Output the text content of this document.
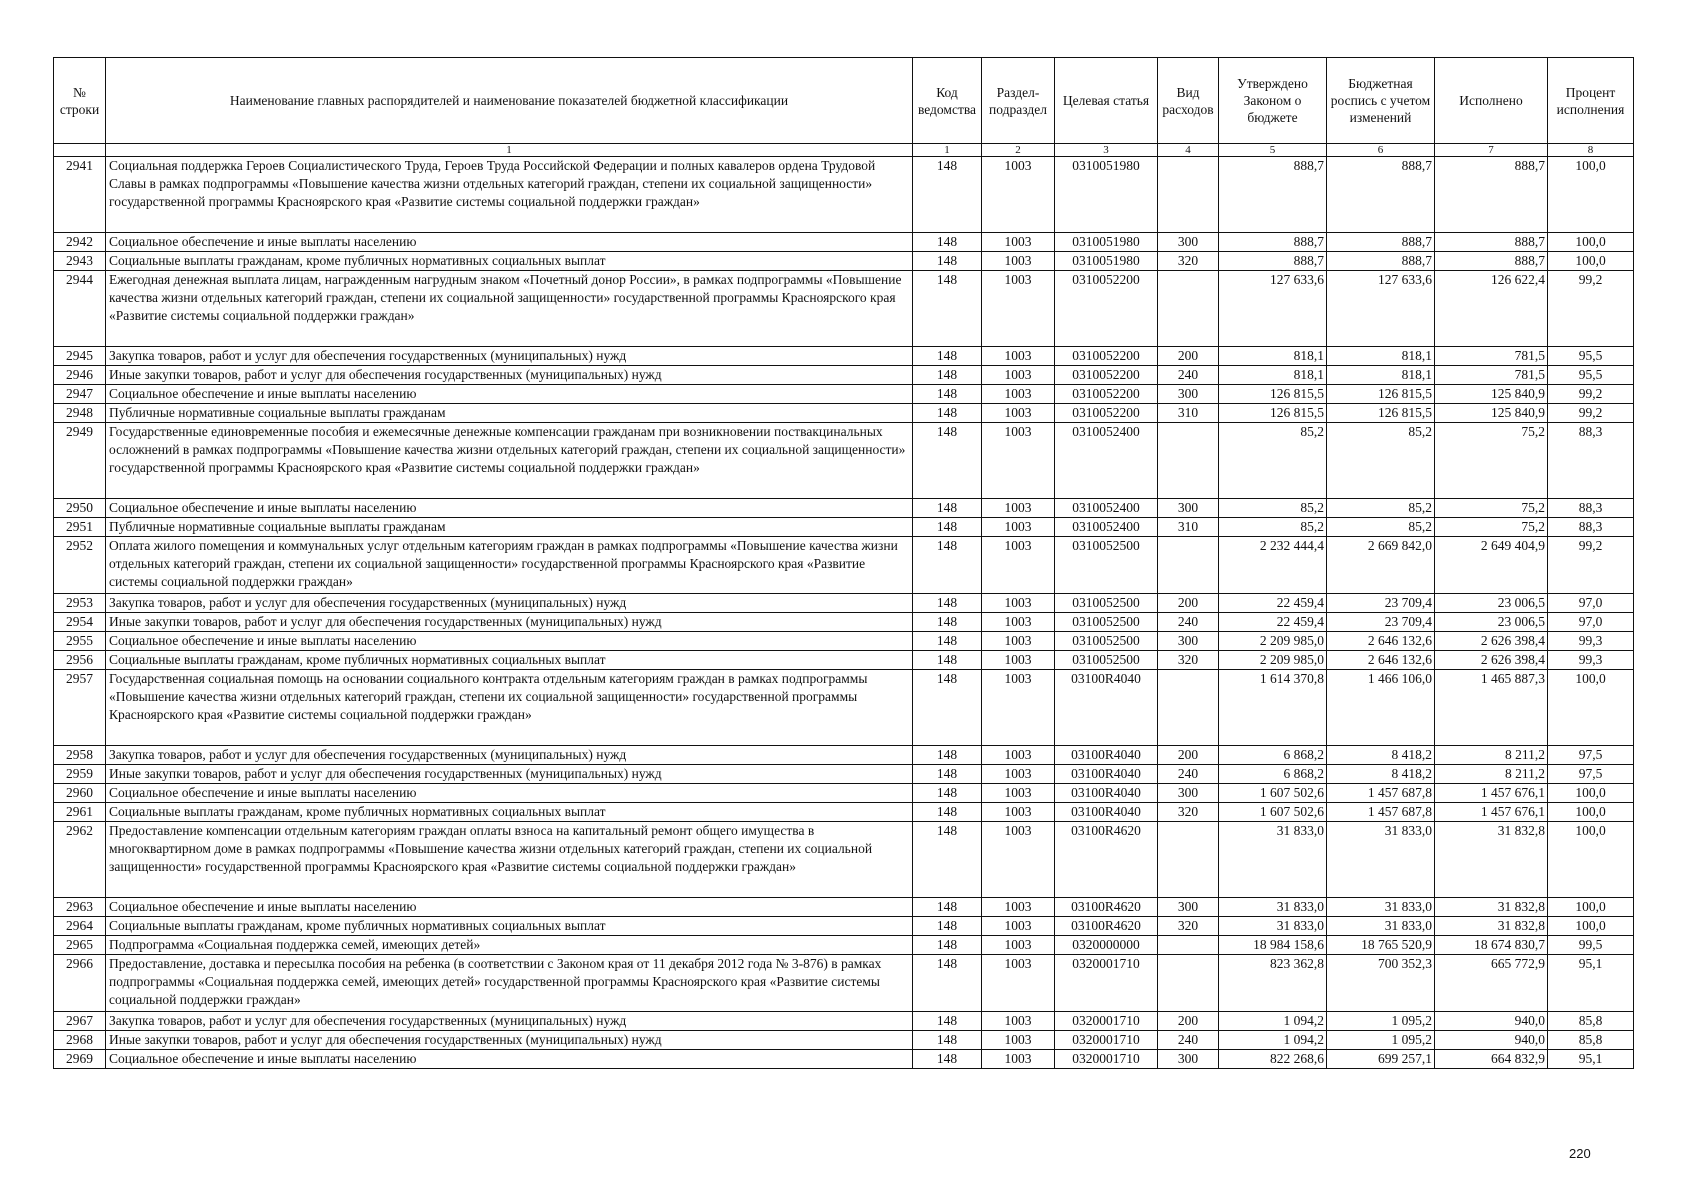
№ строки	Наименование главных распорядителей и наименование показателей бюджетной классификации	Код ведомства	Раздел-подраздел	Целевая статья	Вид расходов	Утверждено Законом о бюджете	Бюджетная роспись с учетом изменений	Исполнено	Процент исполнения
	1	1	2	3	4	5	6	7	8
2941	Социальная поддержка Героев Социалистического Труда, Героев Труда Российской Федерации и полных кавалеров ордена Трудовой Славы в рамках подпрограммы «Повышение качества жизни отдельных категорий граждан, степени их социальной защищенности» государственной программы Красноярского края «Развитие системы социальной поддержки граждан»	148	1003	0310051980		888,7	888,7	888,7	100,0
2942	Социальное обеспечение и иные выплаты населению	148	1003	0310051980	300	888,7	888,7	888,7	100,0
2943	Социальные выплаты гражданам, кроме публичных нормативных социальных выплат	148	1003	0310051980	320	888,7	888,7	888,7	100,0
2944	Ежегодная денежная выплата лицам, награжденным нагрудным знаком «Почетный донор России», в рамках подпрограммы «Повышение качества жизни отдельных категорий граждан, степени их социальной защищенности» государственной программы Красноярского края «Развитие системы социальной поддержки граждан»	148	1003	0310052200		127 633,6	127 633,6	126 622,4	99,2
2945	Закупка товаров, работ и услуг для обеспечения государственных (муниципальных) нужд	148	1003	0310052200	200	818,1	818,1	781,5	95,5
2946	Иные закупки товаров, работ и услуг для обеспечения государственных (муниципальных) нужд	148	1003	0310052200	240	818,1	818,1	781,5	95,5
2947	Социальное обеспечение и иные выплаты населению	148	1003	0310052200	300	126 815,5	126 815,5	125 840,9	99,2
2948	Публичные нормативные социальные выплаты гражданам	148	1003	0310052200	310	126 815,5	126 815,5	125 840,9	99,2
2949	Государственные единовременные пособия и ежемесячные денежные компенсации гражданам при возникновении поствакцинальных осложнений в рамках подпрограммы «Повышение качества жизни отдельных категорий граждан, степени их социальной защищенности» государственной программы Красноярского края «Развитие системы социальной поддержки граждан»	148	1003	0310052400		85,2	85,2	75,2	88,3
2950	Социальное обеспечение и иные выплаты населению	148	1003	0310052400	300	85,2	85,2	75,2	88,3
2951	Публичные нормативные социальные выплаты гражданам	148	1003	0310052400	310	85,2	85,2	75,2	88,3
2952	Оплата жилого помещения и коммунальных услуг отдельным категориям граждан в рамках подпрограммы «Повышение качества жизни отдельных категорий граждан, степени их социальной защищенности» государственной программы Красноярского края «Развитие системы социальной поддержки граждан»	148	1003	0310052500		2 232 444,4	2 669 842,0	2 649 404,9	99,2
2953	Закупка товаров, работ и услуг для обеспечения государственных (муниципальных) нужд	148	1003	0310052500	200	22 459,4	23 709,4	23 006,5	97,0
2954	Иные закупки товаров, работ и услуг для обеспечения государственных (муниципальных) нужд	148	1003	0310052500	240	22 459,4	23 709,4	23 006,5	97,0
2955	Социальное обеспечение и иные выплаты населению	148	1003	0310052500	300	2 209 985,0	2 646 132,6	2 626 398,4	99,3
2956	Социальные выплаты гражданам, кроме публичных нормативных социальных выплат	148	1003	0310052500	320	2 209 985,0	2 646 132,6	2 626 398,4	99,3
2957	Государственная социальная помощь на основании социального контракта отдельным категориям граждан в рамках подпрограммы «Повышение качества жизни отдельных категорий граждан, степени их социальной защищенности» государственной программы Красноярского края «Развитие системы социальной поддержки граждан»	148	1003	03100R4040		1 614 370,8	1 466 106,0	1 465 887,3	100,0
2958	Закупка товаров, работ и услуг для обеспечения государственных (муниципальных) нужд	148	1003	03100R4040	200	6 868,2	8 418,2	8 211,2	97,5
2959	Иные закупки товаров, работ и услуг для обеспечения государственных (муниципальных) нужд	148	1003	03100R4040	240	6 868,2	8 418,2	8 211,2	97,5
2960	Социальное обеспечение и иные выплаты населению	148	1003	03100R4040	300	1 607 502,6	1 457 687,8	1 457 676,1	100,0
2961	Социальные выплаты гражданам, кроме публичных нормативных социальных выплат	148	1003	03100R4040	320	1 607 502,6	1 457 687,8	1 457 676,1	100,0
2962	Предоставление компенсации отдельным категориям граждан оплаты взноса на капитальный ремонт общего имущества в многоквартирном доме в рамках подпрограммы «Повышение качества жизни отдельных категорий граждан, степени их социальной защищенности» государственной программы Красноярского края «Развитие системы социальной поддержки граждан»	148	1003	03100R4620		31 833,0	31 833,0	31 832,8	100,0
2963	Социальное обеспечение и иные выплаты населению	148	1003	03100R4620	300	31 833,0	31 833,0	31 832,8	100,0
2964	Социальные выплаты гражданам, кроме публичных нормативных социальных выплат	148	1003	03100R4620	320	31 833,0	31 833,0	31 832,8	100,0
2965	Подпрограмма «Социальная поддержка семей, имеющих детей»	148	1003	0320000000		18 984 158,6	18 765 520,9	18 674 830,7	99,5
2966	Предоставление, доставка и пересылка пособия на ребенка (в соответствии с Законом края от 11 декабря 2012 года № 3-876) в рамках подпрограммы «Социальная поддержка семей, имеющих детей» государственной программы Красноярского края «Развитие системы социальной поддержки граждан»	148	1003	0320001710		823 362,8	700 352,3	665 772,9	95,1
2967	Закупка товаров, работ и услуг для обеспечения государственных (муниципальных) нужд	148	1003	0320001710	200	1 094,2	1 095,2	940,0	85,8
2968	Иные закупки товаров, работ и услуг для обеспечения государственных (муниципальных) нужд	148	1003	0320001710	240	1 094,2	1 095,2	940,0	85,8
2969	Социальное обеспечение и иные выплаты населению	148	1003	0320001710	300	822 268,6	699 257,1	664 832,9	95,1
220
